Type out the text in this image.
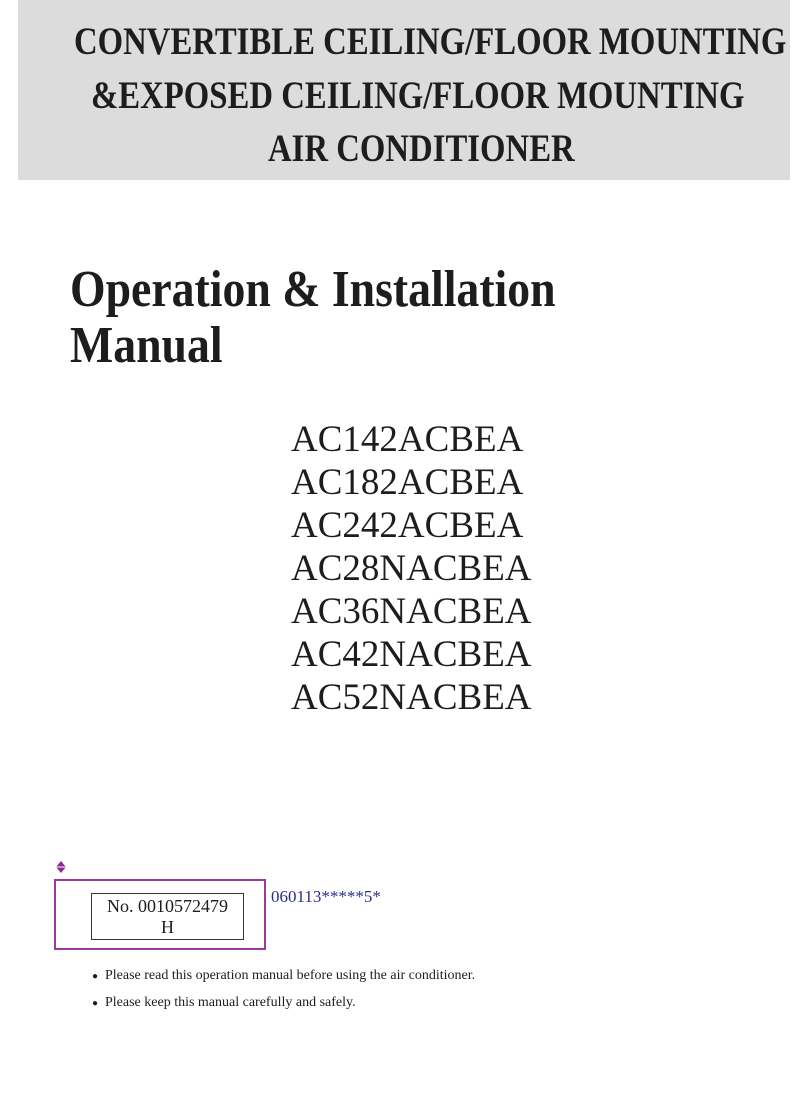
CONVERTIBLE CEILING/FLOOR MOUNTING
&EXPOSED CEILING/FLOOR MOUNTING
AIR CONDITIONER
Operation & Installation
Manual
AC142ACBEA
AC182ACBEA
AC242ACBEA
AC28NACBEA
AC36NACBEA
AC42NACBEA
AC52NACBEA
No. 0010572479
H
060113*****5*
● Please read this operation manual before using the air conditioner.
● Please keep this manual carefully and safely.
